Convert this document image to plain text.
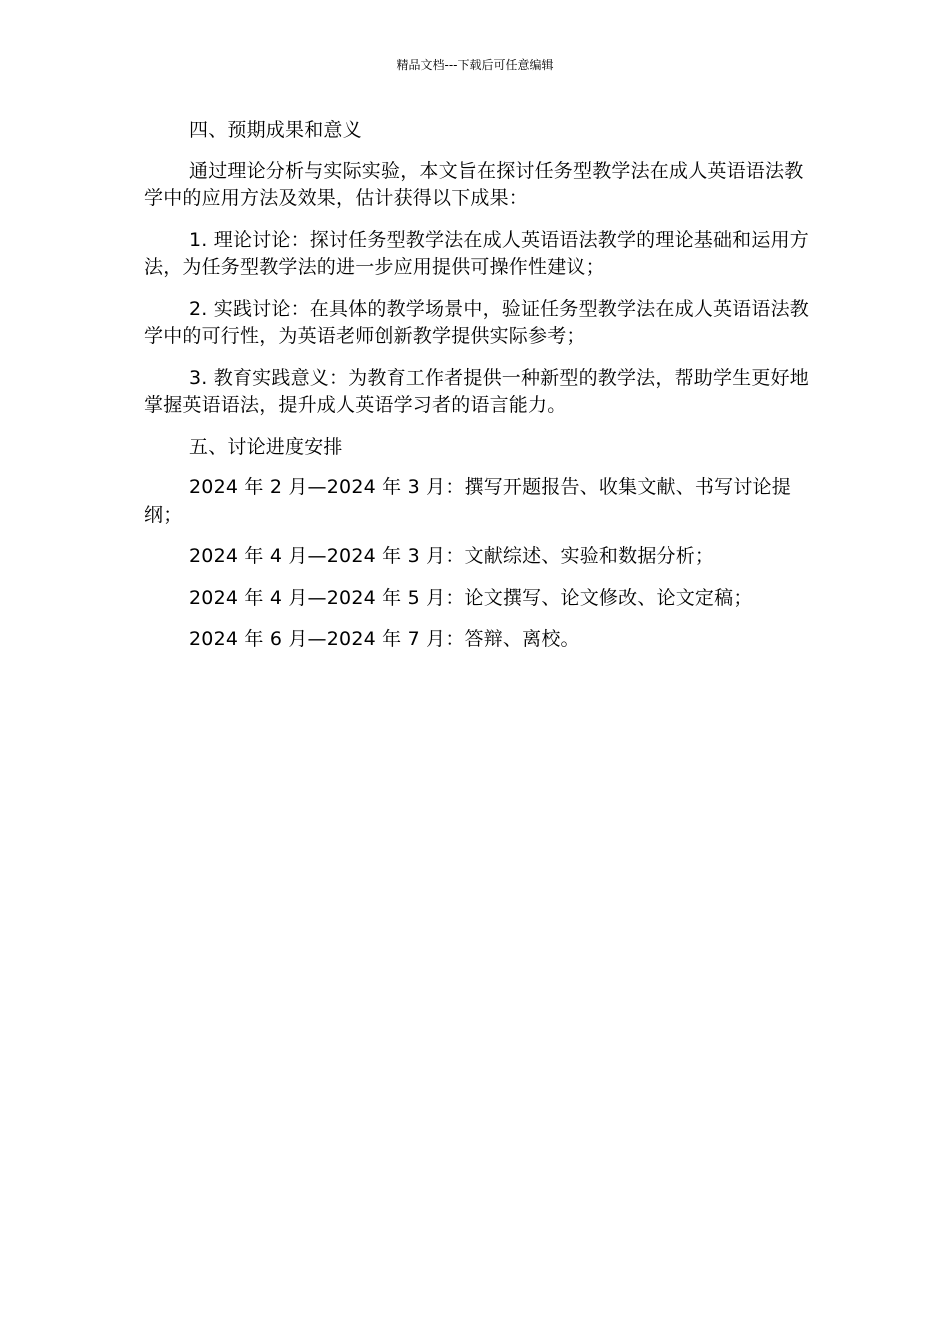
精品文档---下载后可任意编辑

四、预期成果和意义

通过理论分析与实际实验，本文旨在探讨任务型教学法在成人英语语法教学中的应用方法及效果，估计获得以下成果：

1. 理论讨论：探讨任务型教学法在成人英语语法教学的理论基础和运用方法，为任务型教学法的进一步应用提供可操作性建议；

2. 实践讨论：在具体的教学场景中，验证任务型教学法在成人英语语法教学中的可行性，为英语老师创新教学提供实际参考；

3. 教育实践意义：为教育工作者提供一种新型的教学法，帮助学生更好地掌握英语语法，提升成人英语学习者的语言能力。

五、讨论进度安排

2024 年 2 月—2024 年 3 月：撰写开题报告、收集文献、书写讨论提纲；

2024 年 4 月—2024 年 3 月：文献综述、实验和数据分析；

2024 年 4 月—2024 年 5 月：论文撰写、论文修改、论文定稿；

2024 年 6 月—2024 年 7 月：答辩、离校。
